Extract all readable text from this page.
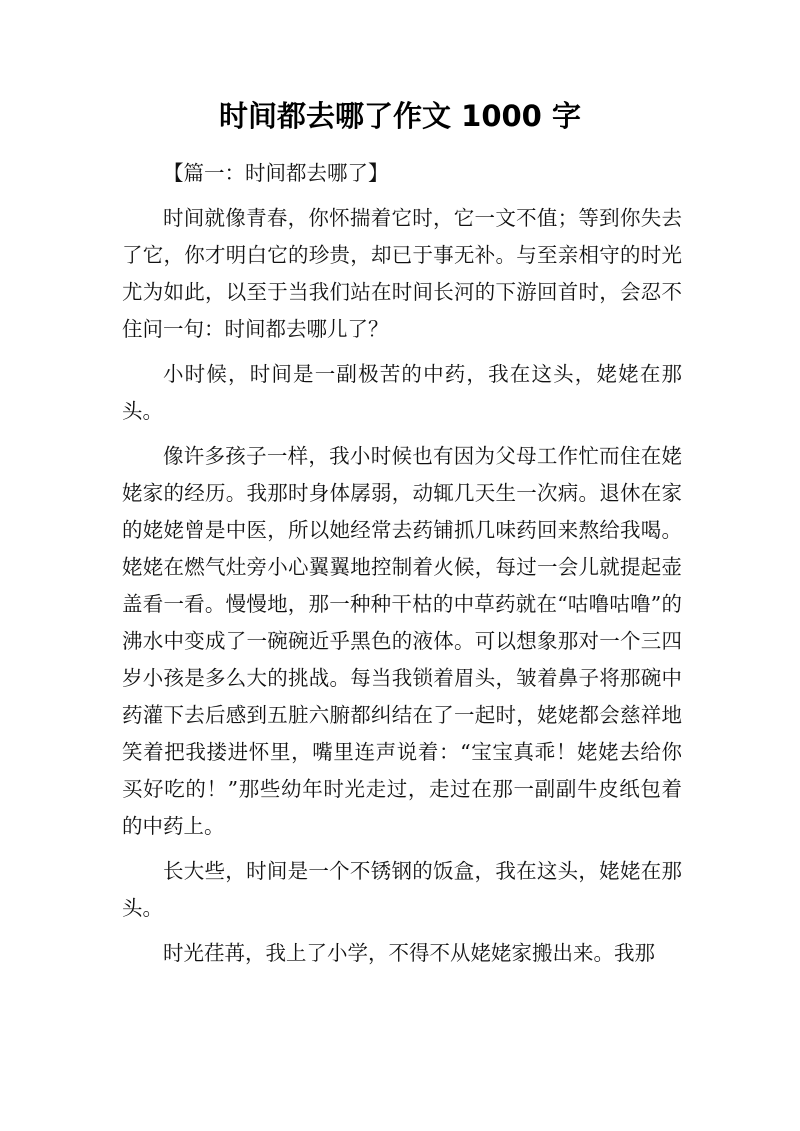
时间都去哪了作文 1000 字

【篇一：时间都去哪了】

时间就像青春，你怀揣着它时，它一文不值；等到你失去了它，你才明白它的珍贵，却已于事无补。与至亲相守的时光尤为如此，以至于当我们站在时间长河的下游回首时，会忍不住问一句：时间都去哪儿了？

小时候，时间是一副极苦的中药，我在这头，姥姥在那头。

像许多孩子一样，我小时候也有因为父母工作忙而住在姥姥家的经历。我那时身体孱弱，动辄几天生一次病。退休在家的姥姥曾是中医，所以她经常去药铺抓几味药回来熬给我喝。姥姥在燃气灶旁小心翼翼地控制着火候，每过一会儿就提起壶盖看一看。慢慢地，那一种种干枯的中草药就在“咕噜咕噜”的沸水中变成了一碗碗近乎黑色的液体。可以想象那对一个三四岁小孩是多么大的挑战。每当我锁着眉头，皱着鼻子将那碗中药灌下去后感到五脏六腑都纠结在了一起时，姥姥都会慈祥地笑着把我搂进怀里，嘴里连声说着：“宝宝真乖！姥姥去给你买好吃的！”那些幼年时光走过，走过在那一副副牛皮纸包着的中药上。

长大些，时间是一个不锈钢的饭盒，我在这头，姥姥在那头。

时光荏苒，我上了小学，不得不从姥姥家搬出来。我那
